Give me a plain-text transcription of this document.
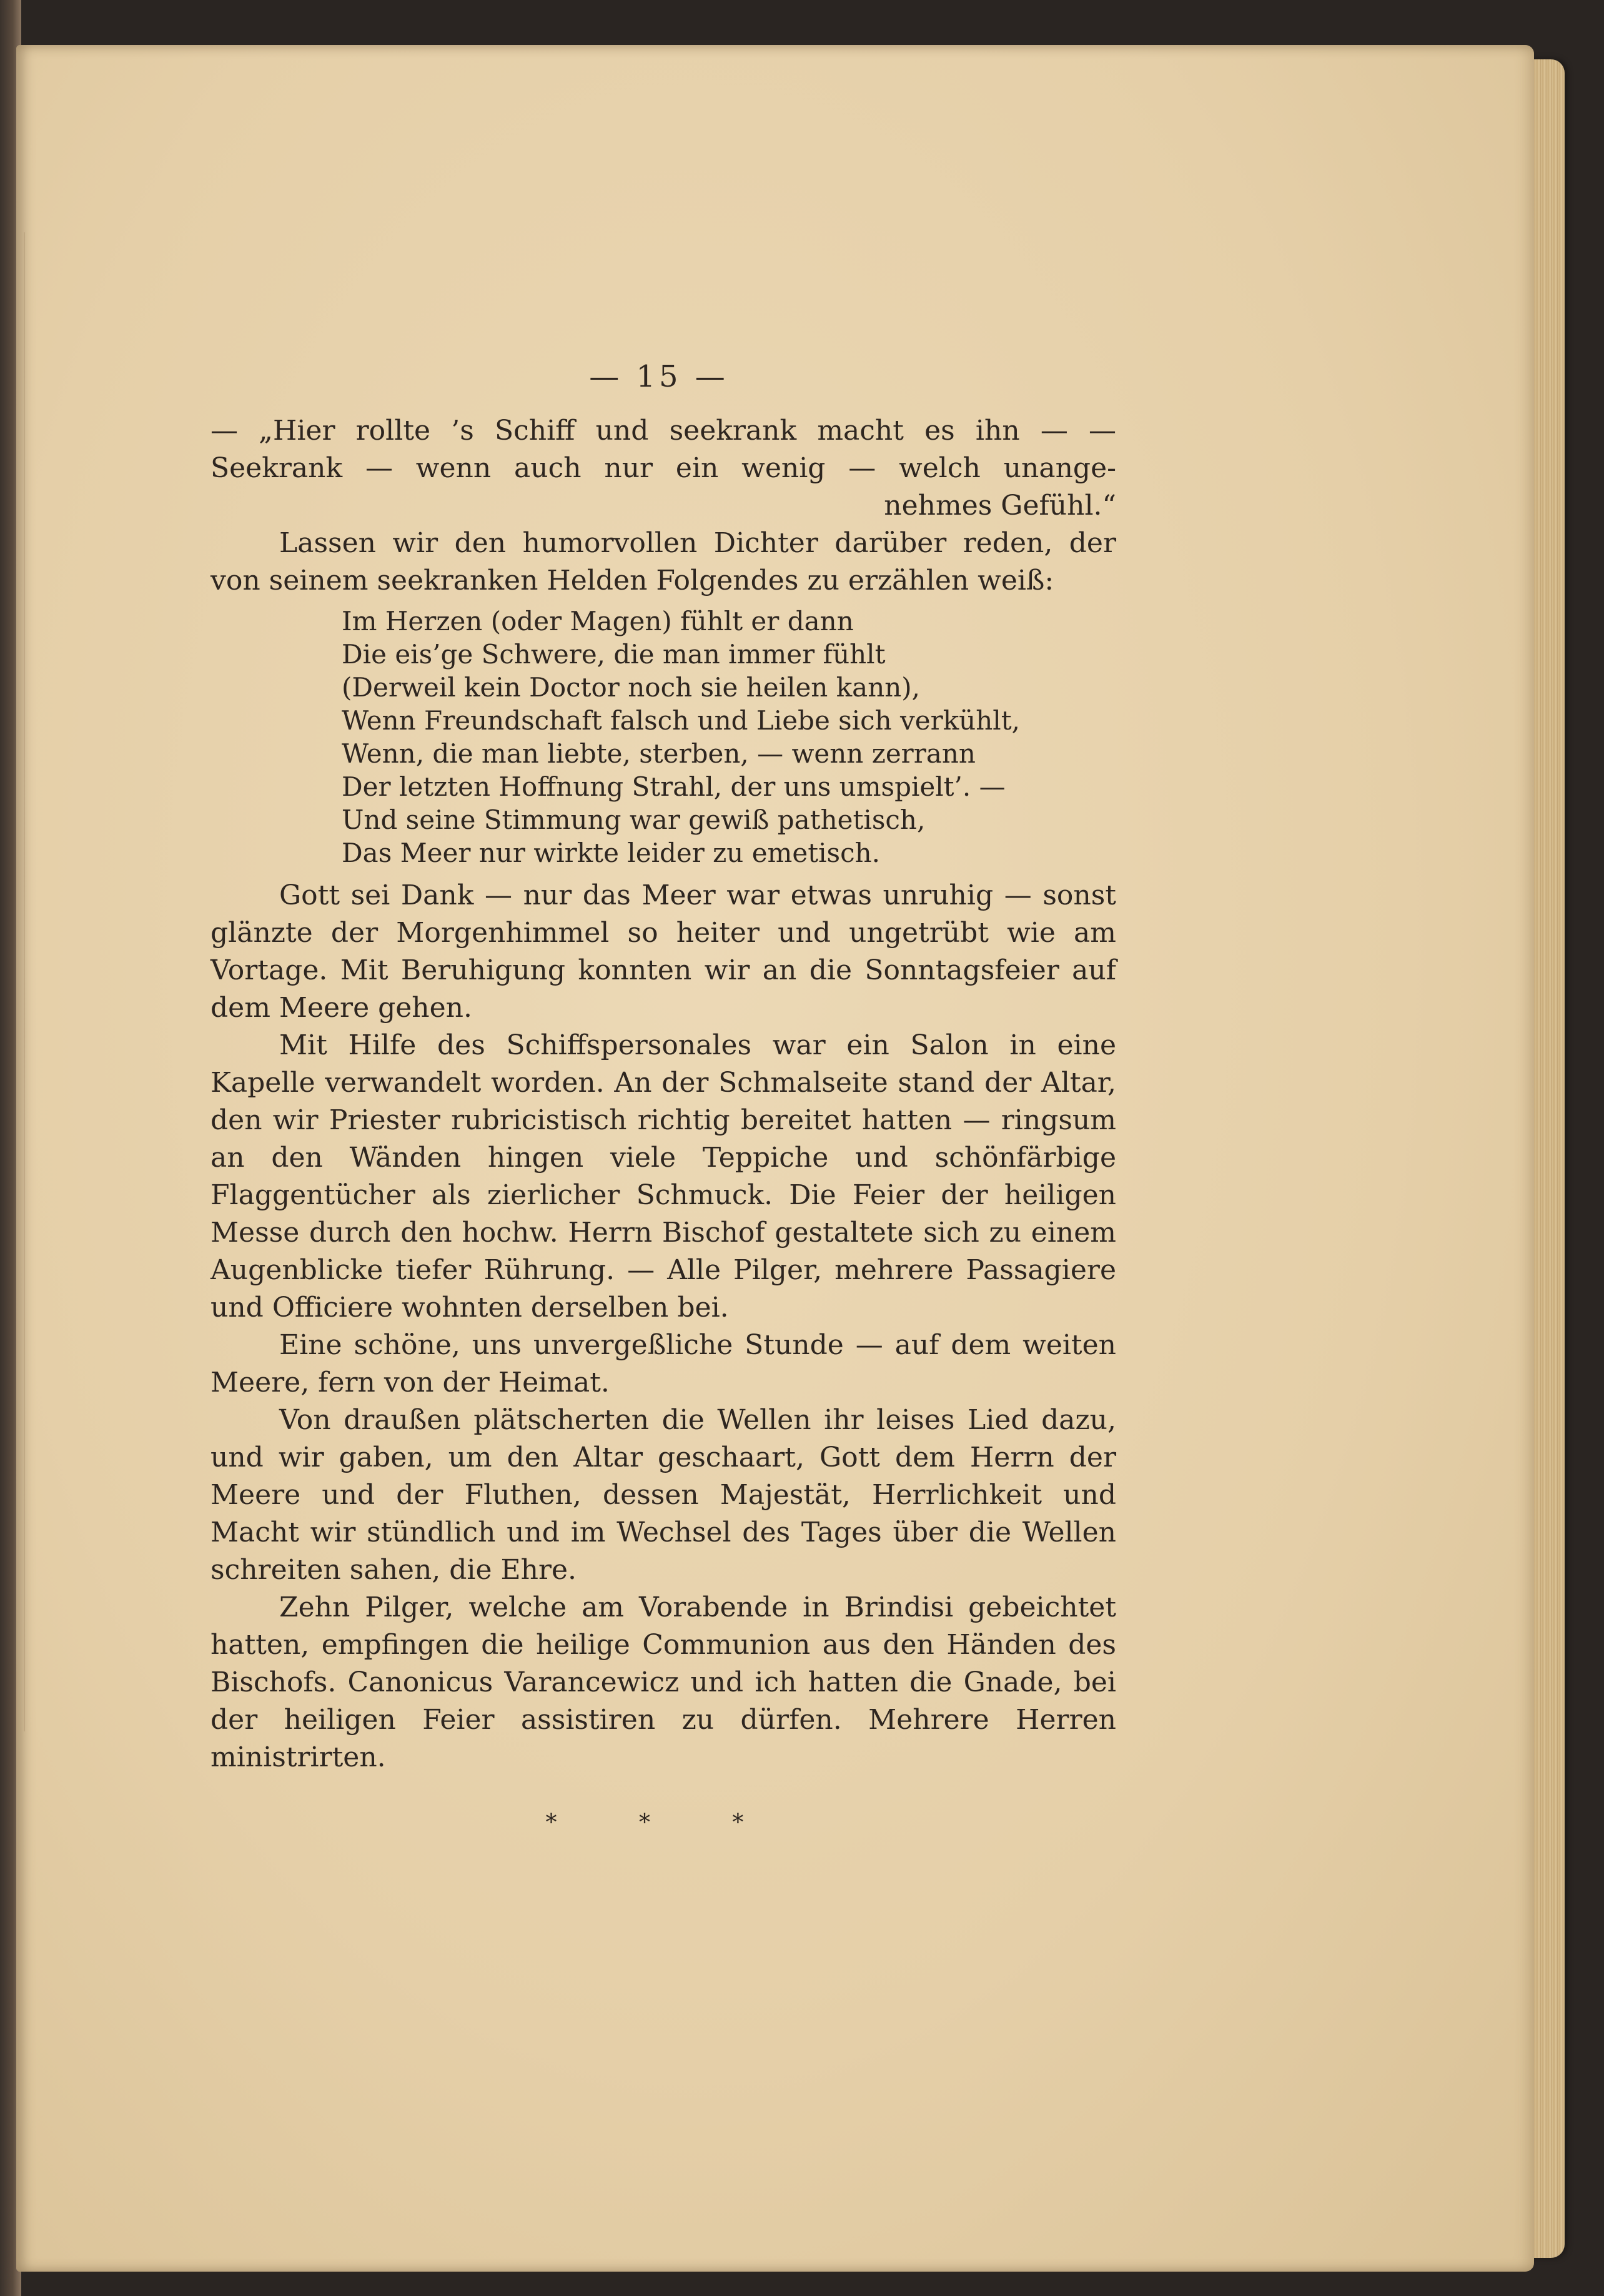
— 15 —
— „Hier rollte ’s Schiff und seekrank macht es ihn — —
Seekrank — wenn auch nur ein wenig — welch unange-
nehmes Gefühl.“

Lassen wir den humorvollen Dichter darüber reden, der von seinem seekranken Helden Folgendes zu erzählen weiß:

Im Herzen (oder Magen) fühlt er dann
Die eis’ge Schwere, die man immer fühlt
(Derweil kein Doctor noch sie heilen kann),
Wenn Freundschaft falsch und Liebe sich verkühlt,
Wenn, die man liebte, sterben, — wenn zerrann
Der letzten Hoffnung Strahl, der uns umspielt’. —
Und seine Stimmung war gewiß pathetisch,
Das Meer nur wirkte leider zu emetisch.

Gott sei Dank — nur das Meer war etwas unruhig — sonst glänzte der Morgenhimmel so heiter und ungetrübt wie am Vortage. Mit Beruhigung konnten wir an die Sonntagsfeier auf dem Meere gehen.

Mit Hilfe des Schiffspersonales war ein Salon in eine Kapelle verwandelt worden. An der Schmalseite stand der Altar, den wir Priester rubricistisch richtig bereitet hatten — ringsum an den Wänden hingen viele Teppiche und schönfärbige Flaggentücher als zierlicher Schmuck. Die Feier der heiligen Messe durch den hochw. Herrn Bischof gestaltete sich zu einem Augenblicke tiefer Rührung. — Alle Pilger, mehrere Passagiere und Officiere wohnten derselben bei.

Eine schöne, uns unvergeßliche Stunde — auf dem weiten Meere, fern von der Heimat.

Von draußen plätscherten die Wellen ihr leises Lied dazu, und wir gaben, um den Altar geschaart, Gott dem Herrn der Meere und der Fluthen, dessen Majestät, Herrlichkeit und Macht wir stündlich und im Wechsel des Tages über die Wellen schreiten sahen, die Ehre.

Zehn Pilger, welche am Vorabende in Brindisi gebeichtet hatten, empfingen die heilige Communion aus den Händen des Bischofs. Canonicus Varancewicz und ich hatten die Gnade, bei der heiligen Feier assistiren zu dürfen. Mehrere Herren ministrirten.

* * *
